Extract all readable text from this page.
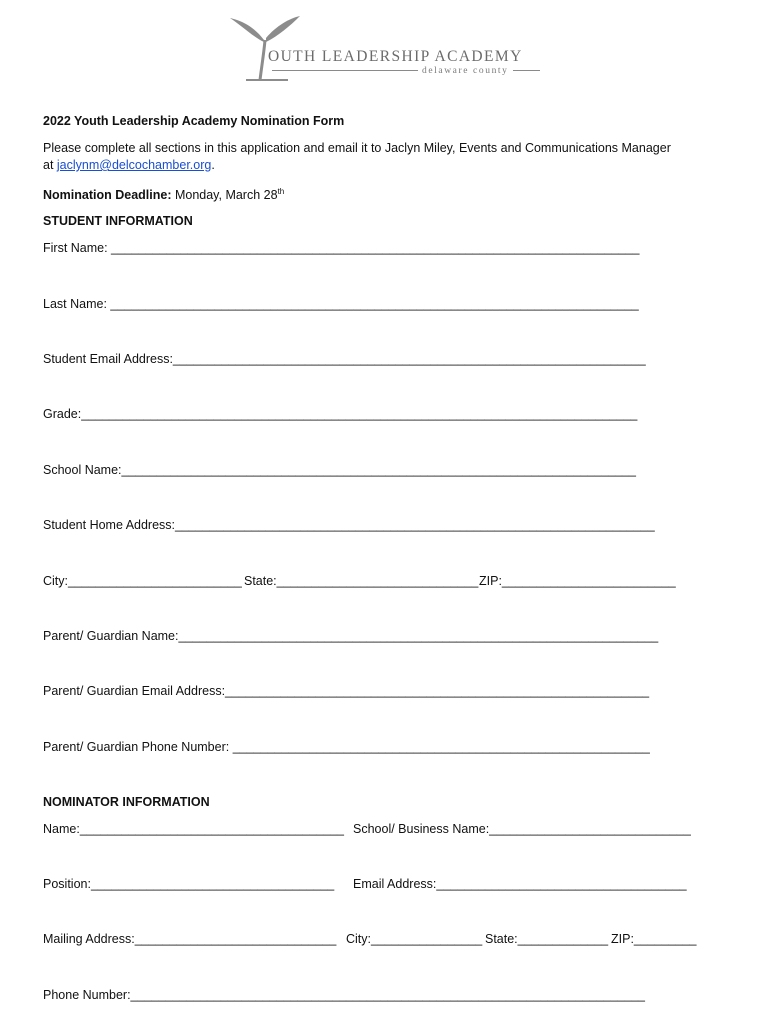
OUTH LEADERSHIP ACADEMY
delaware county
2022 Youth Leadership Academy Nomination Form
Please complete all sections in this application and email it to Jaclyn Miley, Events and Communications Manager
at jaclynm@delcochamber.org.
Nomination Deadline: Monday, March 28th
STUDENT INFORMATION
First Name: ____________________________________________________________________________
Last Name: ____________________________________________________________________________
Student Email Address:____________________________________________________________________
Grade:________________________________________________________________________________
School Name:__________________________________________________________________________
Student Home Address:_____________________________________________________________________
City:_________________________ State:_____________________________ ZIP:_________________________
Parent/ Guardian Name:_____________________________________________________________________
Parent/ Guardian Email Address:_____________________________________________________________
Parent/ Guardian Phone Number: ____________________________________________________________
NOMINATOR INFORMATION
Name:______________________________________ School/ Business Name:_____________________________
Position:___________________________________ Email Address:____________________________________
Mailing Address:_____________________________ City:________________ State:_____________ ZIP:_________
Phone Number:__________________________________________________________________________
